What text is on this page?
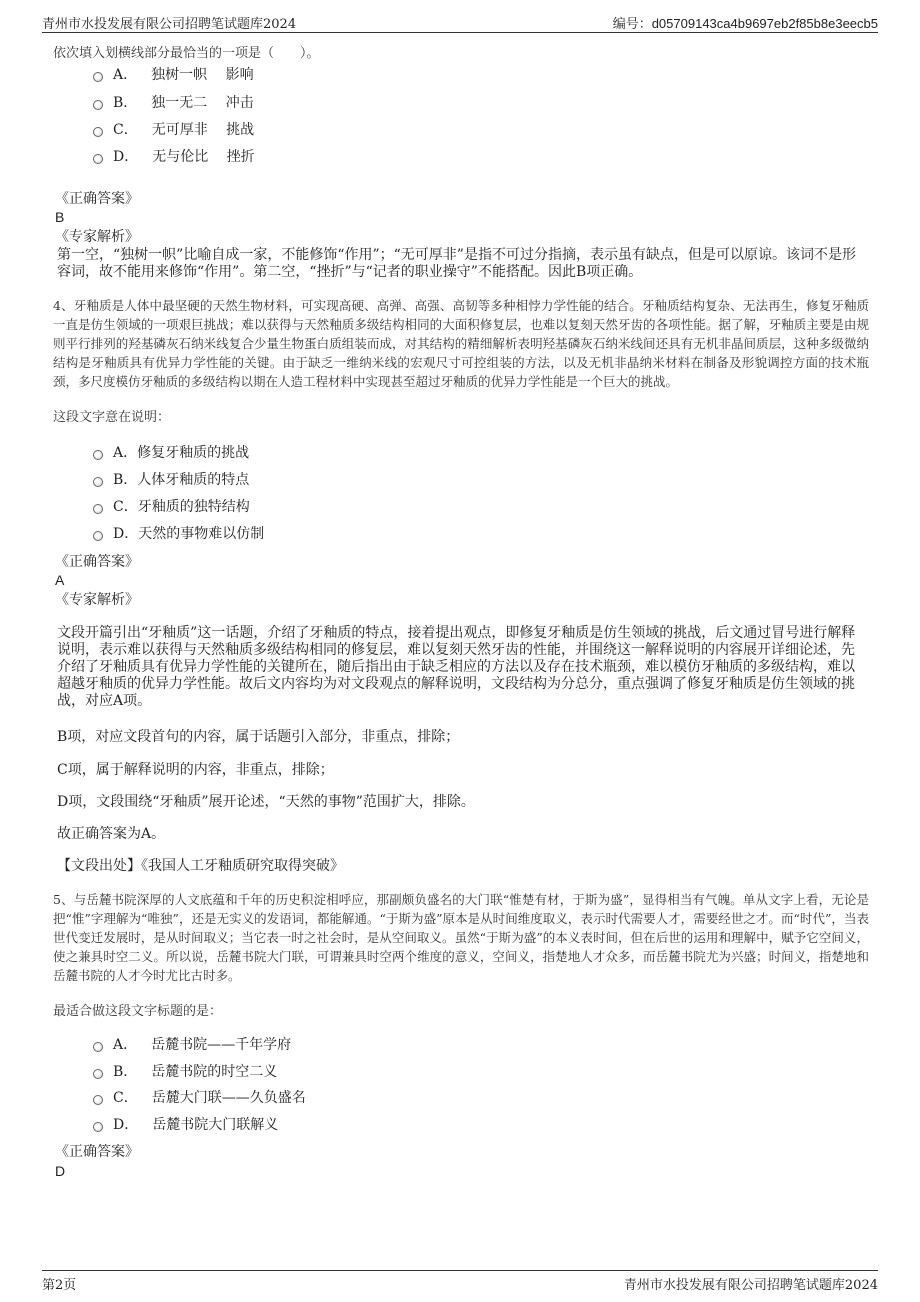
青州市水投发展有限公司招聘笔试题库2024	编号：d05709143ca4b9697eb2f85b8e3eecb5
依次填入划横线部分最恰当的一项是（　　）。
A． 独树一帜　 影响
B． 独一无二　 冲击
C． 无可厚非　 挑战
D． 无与伦比　 挫折
《正确答案》
B
《专家解析》
第一空，“独树一帜”比喻自成一家，不能修饰“作用”；“无可厚非”是指不可过分指摘，表示虽有缺点，但是可以原谅。该词不是形容词，故不能用来修饰“作用”。第二空，“挫折”与“记者的职业操守”不能搭配。因此B项正确。
4、牙釉质是人体中最坚硬的天然生物材料，可实现高硬、高弹、高强、高韧等多种相悖力学性能的结合。牙釉质结构复杂、无法再生，修复牙釉质一直是仿生领域的一项艰巨挑战；难以获得与天然釉质多级结构相同的大面积修复层，也难以复刻天然牙齿的各项性能。据了解，牙釉质主要是由规则平行排列的羟基磷灰石纳米线复合少量生物蛋白质组装而成，对其结构的精细解析表明羟基磷灰石纳米线间还具有无机非晶间质层，这种多级微纳结构是牙釉质具有优异力学性能的关键。由于缺乏一维纳米线的宏观尺寸可控组装的方法，以及无机非晶纳米材料在制备及形貌调控方面的技术瓶颈，多尺度模仿牙釉质的多级结构以期在人造工程材料中实现甚至超过牙釉质的优异力学性能是一个巨大的挑战。
这段文字意在说明：
A． 修复牙釉质的挑战
B． 人体牙釉质的特点
C． 牙釉质的独特结构
D． 天然的事物难以仿制
《正确答案》
A
《专家解析》
文段开篇引出“牙釉质”这一话题，介绍了牙釉质的特点，接着提出观点，即修复牙釉质是仿生领域的挑战，后文通过冒号进行解释说明，表示难以获得与天然釉质多级结构相同的修复层，难以复刻天然牙齿的性能，并围绕这一解释说明的内容展开详细论述，先介绍了牙釉质具有优异力学性能的关键所在，随后指出由于缺乏相应的方法以及存在技术瓶颈，难以模仿牙釉质的多级结构，难以超越牙釉质的优异力学性能。故后文内容均为对文段观点的解释说明，文段结构为分总分，重点强调了修复牙釉质是仿生领域的挑战，对应A项。
B项，对应文段首句的内容，属于话题引入部分，非重点，排除；
C项，属于解释说明的内容，非重点，排除；
D项，文段围绕“牙釉质”展开论述，“天然的事物”范围扩大，排除。
故正确答案为A。
【文段出处】《我国人工牙釉质研究取得突破》
5、与岳麓书院深厚的人文底蕴和千年的历史积淀相呼应，那副颇负盛名的大门联“惟楚有材，于斯为盛”，显得相当有气魄。单从文字上看，无论是把“惟”字理解为“唯独”，还是无实义的发语词，都能解通。“于斯为盛”原本是从时间维度取义，表示时代需要人才，需要经世之才。而“时代”，当表世代变迁发展时，是从时间取义；当它表一时之社会时，是从空间取义。虽然“于斯为盛”的本义表时间，但在后世的运用和理解中，赋予它空间义，使之兼具时空二义。所以说，岳麓书院大门联，可谓兼具时空两个维度的意义，空间义，指楚地人才众多，而岳麓书院尤为兴盛；时间义，指楚地和岳麓书院的人才今时尤比古时多。
最适合做这段文字标题的是：
A． 岳麓书院——千年学府
B． 岳麓书院的时空二义
C． 岳麓大门联——久负盛名
D． 岳麓书院大门联解义
《正确答案》
D
第2页	青州市水投发展有限公司招聘笔试题库2024
